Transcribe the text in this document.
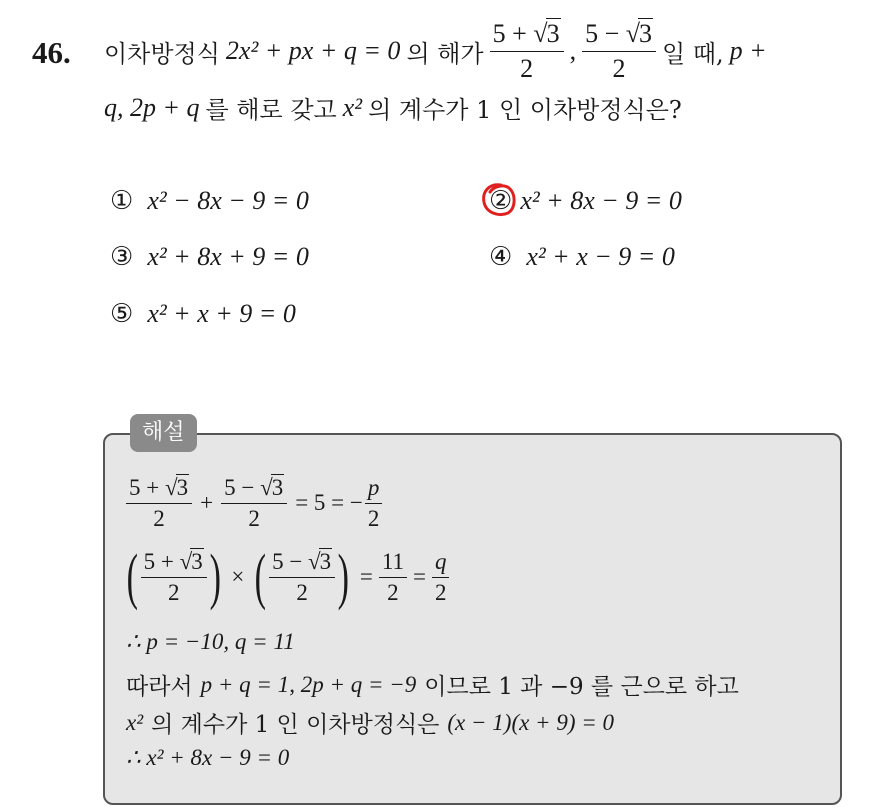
46. 이차방정식 2x² + px + q = 0 의 해가 $\frac{5 + √ 3}{2}$ , $\frac{5 - √ 3}{2}$ 일 때, p +
q, 2p + q 를 해로 갖고 x² 의 계수가 1 인 이차방정식은?
① x² − 8x − 9 = 0	② x² + 8x − 9 = 0
③ x² + 8x + 9 = 0	④ x² + x − 9 = 0
⑤ x² + x + 9 = 0
해설
$\frac{5 + √ 3}{2} + \frac{5 - √ 3}{2} = 5$ = − $\frac{p}{2}$
( $\frac{5 + √ 3}{2}$ ) × ( $\frac{5 - √ 3}{2}$ ) = $\frac{11}{2} = \frac{q}{2}$
∴ p = −10, q = 11
따라서 p + q = 1, 2p + q = −9 이므로 1 과 −9 를 근으로 하고
x² 의 계수가 1 인 이차방정식은 (x − 1)(x + 9) = 0
∴ x² + 8x − 9 = 0
